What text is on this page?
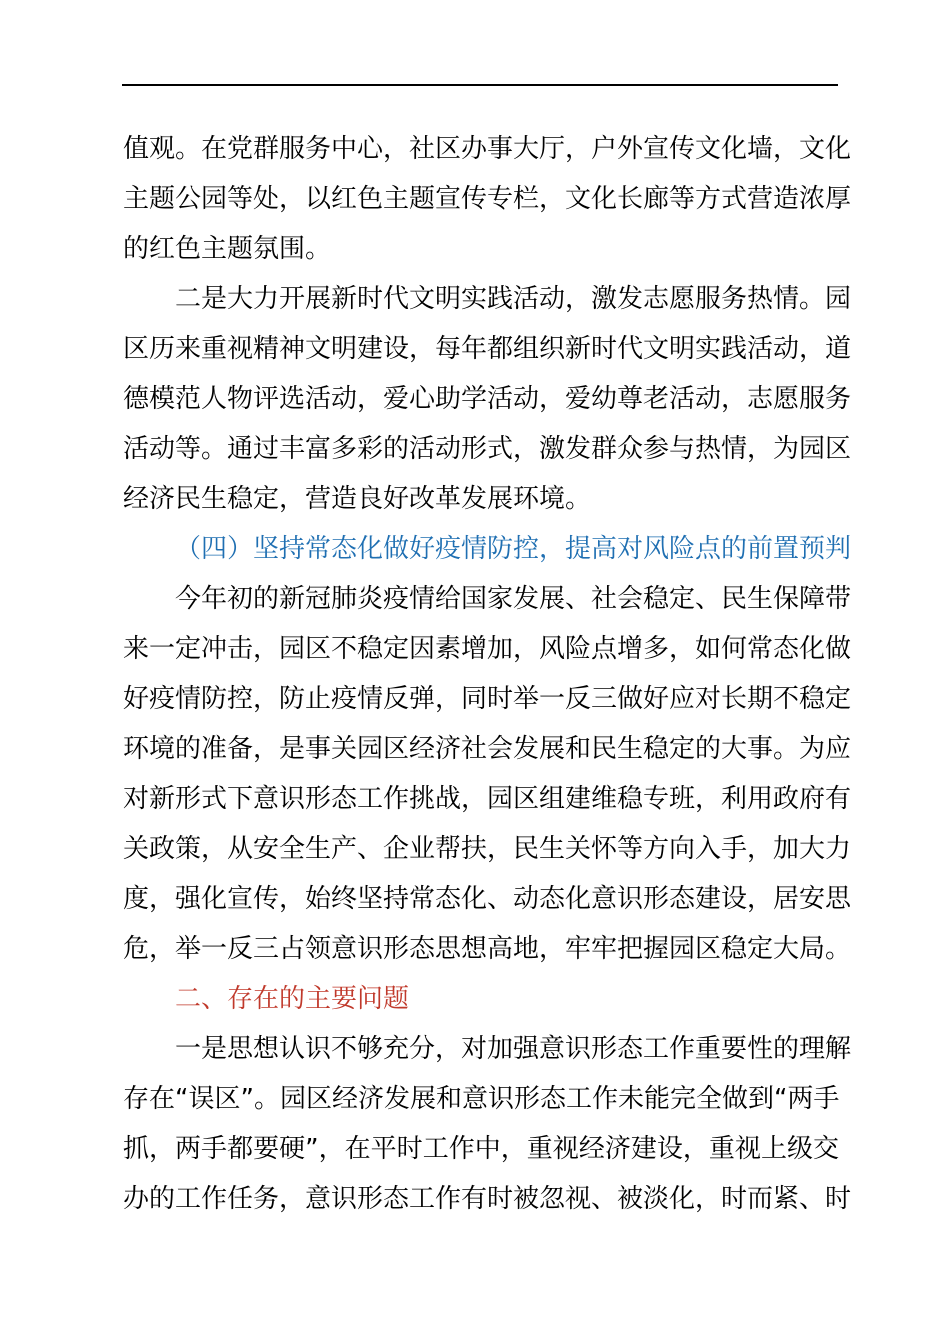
值观。在党群服务中心，社区办事大厅，户外宣传文化墙，文化
主题公园等处，以红色主题宣传专栏，文化长廊等方式营造浓厚
的红色主题氛围。
二是大力开展新时代文明实践活动，激发志愿服务热情。园
区历来重视精神文明建设，每年都组织新时代文明实践活动，道
德模范人物评选活动，爱心助学活动，爱幼尊老活动，志愿服务
活动等。通过丰富多彩的活动形式，激发群众参与热情，为园区
经济民生稳定，营造良好改革发展环境。
（四）坚持常态化做好疫情防控，提高对风险点的前置预判
今年初的新冠肺炎疫情给国家发展、社会稳定、民生保障带
来一定冲击，园区不稳定因素增加，风险点增多，如何常态化做
好疫情防控，防止疫情反弹，同时举一反三做好应对长期不稳定
环境的准备，是事关园区经济社会发展和民生稳定的大事。为应
对新形式下意识形态工作挑战，园区组建维稳专班，利用政府有
关政策，从安全生产、企业帮扶，民生关怀等方向入手，加大力
度，强化宣传，始终坚持常态化、动态化意识形态建设，居安思
危，举一反三占领意识形态思想高地，牢牢把握园区稳定大局。
二、存在的主要问题
一是思想认识不够充分，对加强意识形态工作重要性的理解
存在“误区”。园区经济发展和意识形态工作未能完全做到“两手
抓，两手都要硬”，在平时工作中，重视经济建设，重视上级交
办的工作任务，意识形态工作有时被忽视、被淡化，时而紧、时
